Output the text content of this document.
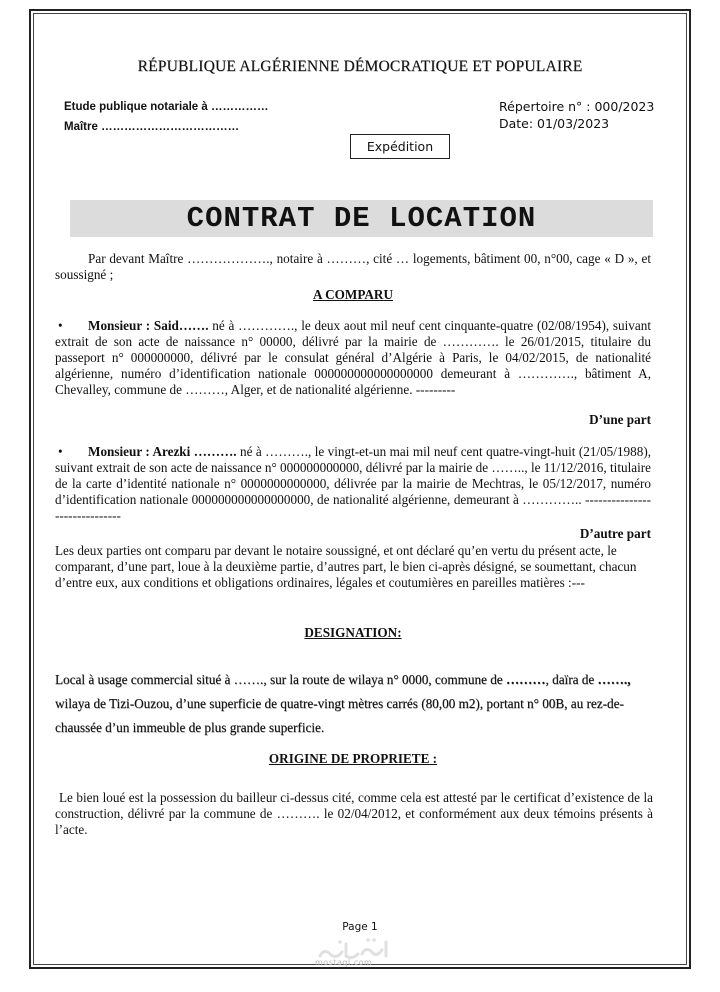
RÉPUBLIQUE ALGÉRIENNE DÉMOCRATIQUE ET POPULAIRE
Etude publique notariale à ……………
Maître ………………………………
Répertoire n° : 000/2023
Date: 01/03/2023
Expédition
CONTRAT DE LOCATION
Par devant Maître ………………., notaire à ………, cité … logements, bâtiment 00, n°00, cage « D », et soussigné ;
A COMPARU
• Monsieur : Said……. né à …………., le deux aout mil neuf cent cinquante-quatre (02/08/1954), suivant extrait de son acte de naissance n° 00000, délivré par la mairie de …………. le 26/01/2015, titulaire du passeport n° 000000000, délivré par le consulat général d’Algérie à Paris, le 04/02/2015, de nationalité algérienne, numéro d’identification nationale 000000000000000000 demeurant à …………., bâtiment A, Chevalley, commune de ………, Alger, et de nationalité algérienne. ---------
D’une part
• Monsieur : Arezki ………. né à ………., le vingt-et-un mai mil neuf cent quatre-vingt-huit (21/05/1988), suivant extrait de son acte de naissance n° 000000000000, délivré par la mairie de …….., le 11/12/2016, titulaire de la carte d’identité nationale n° 0000000000000, délivrée par la mairie de Mechtras, le 05/12/2017, numéro d’identification nationale 000000000000000000, de nationalité algérienne, demeurant à ………….. ------------------------------
D’autre part
Les deux parties ont comparu par devant le notaire soussigné, et ont déclaré qu’en vertu du présent acte, le comparant, d’une part, loue à la deuxième partie, d’autres part, le bien ci-après désigné, se soumettant, chacun d’entre eux, aux conditions et obligations ordinaires, légales et coutumières en pareilles matières :---
DESIGNATION:
Local à usage commercial situé à ……., sur la route de wilaya n° 0000, commune de ………, daïra de ……., wilaya de Tizi-Ouzou, d’une superficie de quatre-vingt mètres carrés (80,00 m2), portant n° 00B, au rez-de-chaussée d’un immeuble de plus grande superficie.
ORIGINE DE PROPRIETE :
Le bien loué est la possession du bailleur ci-dessus cité, comme cela est attesté par le certificat d’existence de la construction, délivré par la commune de ………. le 02/04/2012, et conformément aux deux témoins présents à l’acte.
Page 1
mostaql.com
